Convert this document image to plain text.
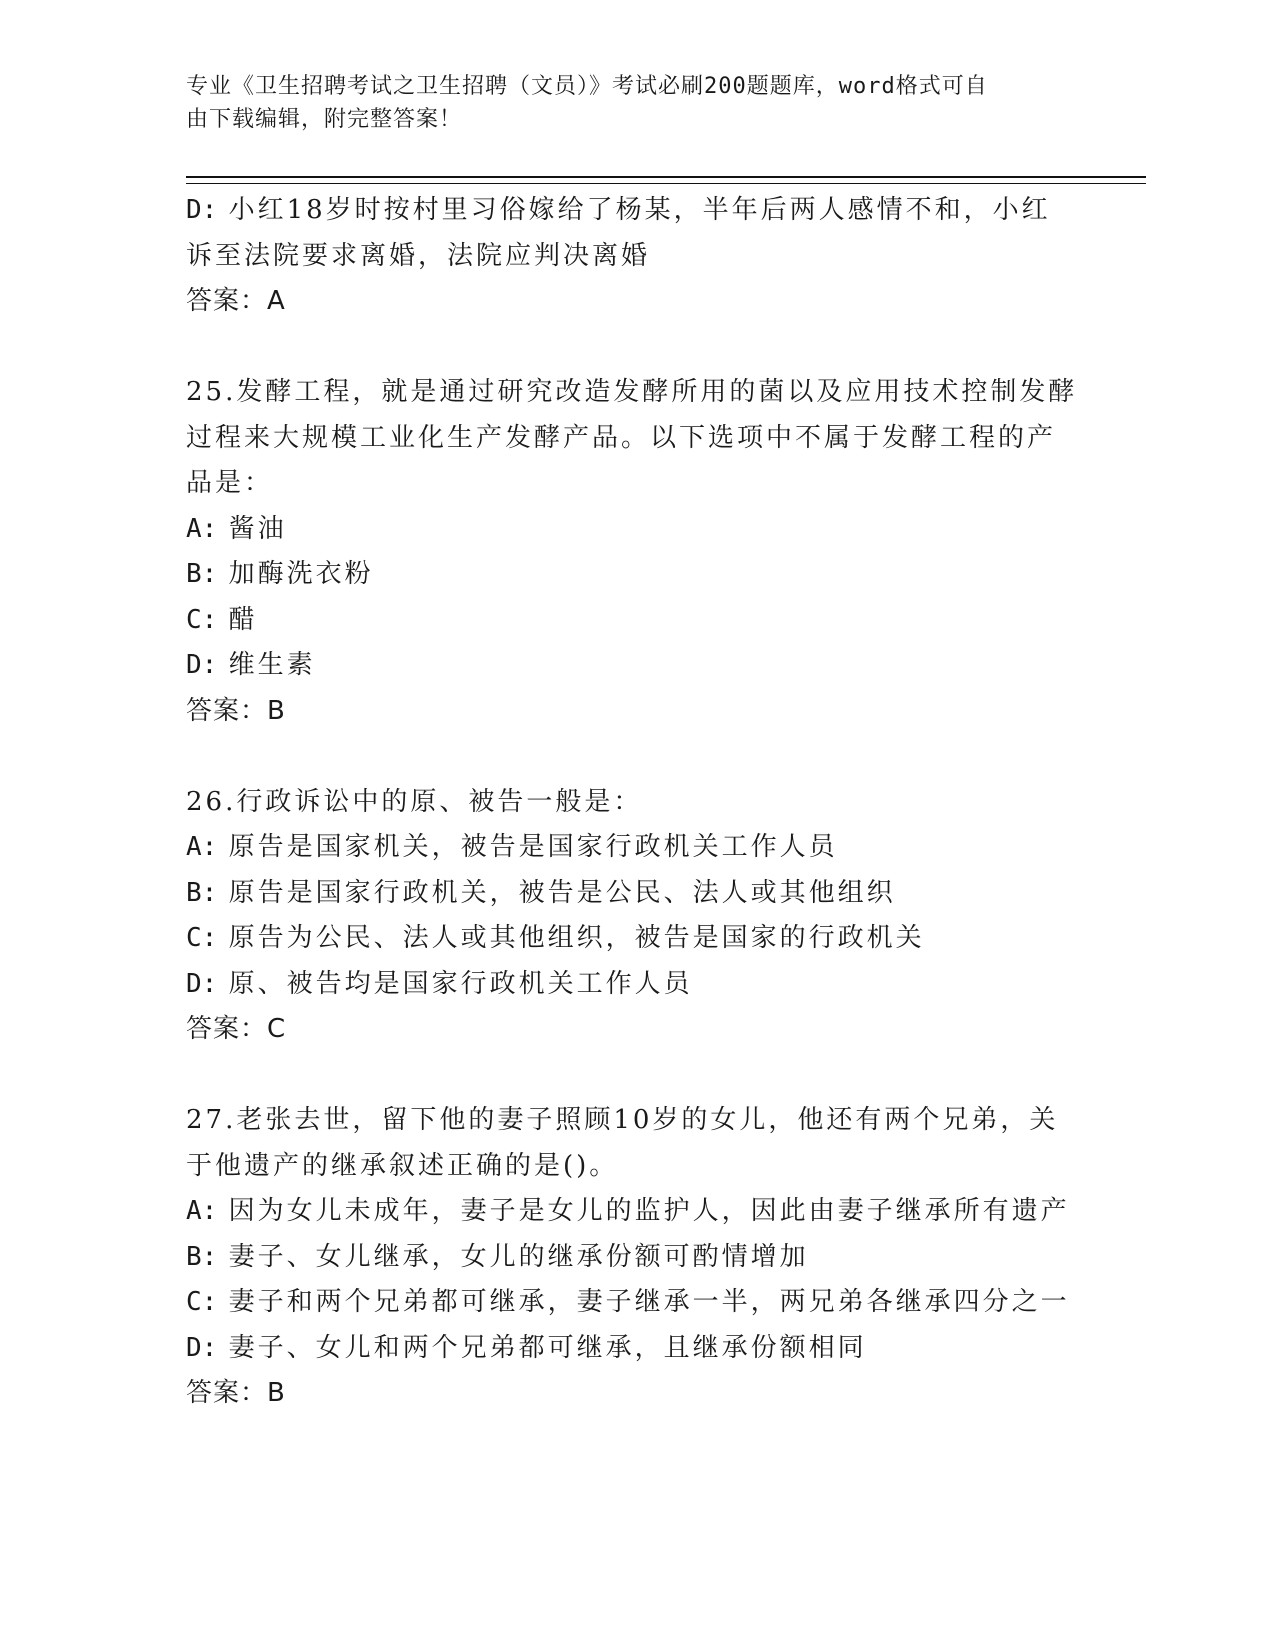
专业《卫生招聘考试之卫生招聘（文员）》考试必刷200题题库，word格式可自
由下载编辑，附完整答案！
D: 小红18岁时按村里习俗嫁给了杨某，半年后两人感情不和，小红
诉至法院要求离婚，法院应判决离婚
答案：A
25.发酵工程，就是通过研究改造发酵所用的菌以及应用技术控制发酵
过程来大规模工业化生产发酵产品。以下选项中不属于发酵工程的产
品是：
A: 酱油
B: 加酶洗衣粉
C: 醋
D: 维生素
答案：B
26.行政诉讼中的原、被告一般是：
A: 原告是国家机关，被告是国家行政机关工作人员
B: 原告是国家行政机关，被告是公民、法人或其他组织
C: 原告为公民、法人或其他组织，被告是国家的行政机关
D: 原、被告均是国家行政机关工作人员
答案：C
27.老张去世，留下他的妻子照顾10岁的女儿，他还有两个兄弟，关
于他遗产的继承叙述正确的是()。
A: 因为女儿未成年，妻子是女儿的监护人，因此由妻子继承所有遗产
B: 妻子、女儿继承，女儿的继承份额可酌情增加
C: 妻子和两个兄弟都可继承，妻子继承一半，两兄弟各继承四分之一
D: 妻子、女儿和两个兄弟都可继承，且继承份额相同
答案：B
